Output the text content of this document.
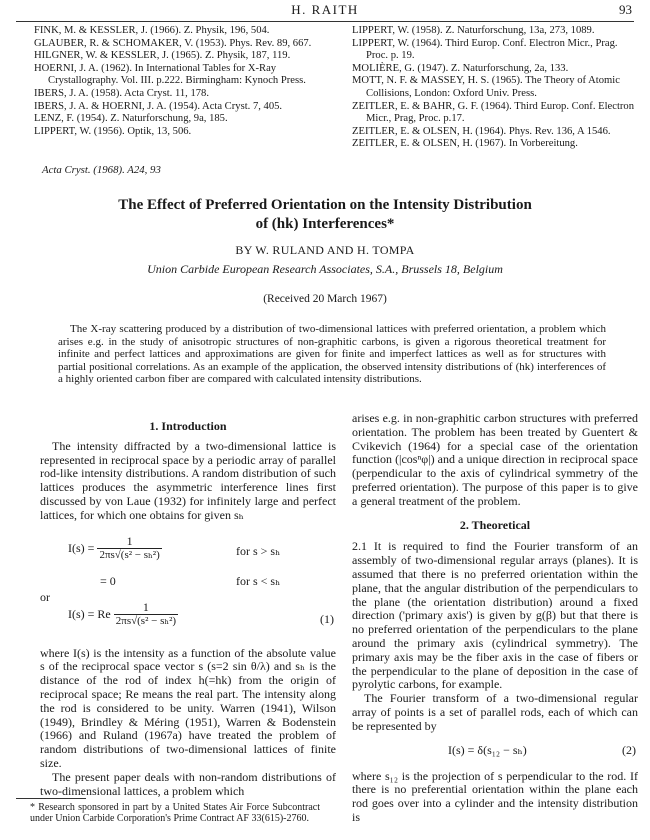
H. RAITH	93
FINK, M. & KESSLER, J. (1966). Z. Physik, 196, 504.
GLAUBER, R. & SCHOMAKER, V. (1953). Phys. Rev. 89, 667.
HILGNER, W. & KESSLER, J. (1965). Z. Physik, 187, 119.
HOERNI, J. A. (1962). In International Tables for X-Ray Crystallography. Vol. III. p.222. Birmingham: Kynoch Press.
IBERS, J. A. (1958). Acta Cryst. 11, 178.
IBERS, J. A. & HOERNI, J. A. (1954). Acta Cryst. 7, 405.
LENZ, F. (1954). Z. Naturforschung, 9a, 185.
LIPPERT, W. (1956). Optik, 13, 506.
LIPPERT, W. (1958). Z. Naturforschung, 13a, 273, 1089.
LIPPERT, W. (1964). Third Europ. Conf. Electron Micr., Prag. Proc. p. 19.
MOLIÈRE, G. (1947). Z. Naturforschung, 2a, 133.
MOTT, N. F. & MASSEY, H. S. (1965). The Theory of Atomic Collisions, London: Oxford Univ. Press.
ZEITLER, E. & BAHR, G. F. (1964). Third Europ. Conf. Electron Micr., Prag, Proc. p.17.
ZEITLER, E. & OLSEN, H. (1964). Phys. Rev. 136, A 1546.
ZEITLER, E. & OLSEN, H. (1967). In Vorbereitung.
Acta Cryst. (1968). A24, 93
The Effect of Preferred Orientation on the Intensity Distribution
of (hk) Interferences*
BY W. RULAND AND H. TOMPA
Union Carbide European Research Associates, S.A., Brussels 18, Belgium
(Received 20 March 1967)
The X-ray scattering produced by a distribution of two-dimensional lattices with preferred orientation, a problem which arises e.g. in the study of anisotropic structures of non-graphitic carbons, is given a rigorous theoretical treatment for infinite and perfect lattices and approximations are given for finite and imperfect lattices as well as for structures with partial positional correlations. As an example of the application, the observed intensity distributions of (hk) interferences of a highly oriented carbon fiber are compared with calculated intensity distributions.
1. Introduction

The intensity diffracted by a two-dimensional lattice is represented in reciprocal space by a periodic array of parallel rod-like intensity distributions. A random distribution of such lattices produces the asymmetric interference lines first discussed by von Laue (1932) for infinitely large and perfect lattices, for which one obtains for given sₕ

$I(s) = \frac{1}{\text{2πs√(s² − sₕ²)}}$	for s > sₕ
= 0	for s < sₕ
or
I(s) = Re $\frac{1}{\text{2πs√(s² − sₕ²)}}$	(1)

where I(s) is the intensity as a function of the absolute value s of the reciprocal space vector s (s=2 sin θ/λ) and sₕ is the distance of the rod of index h(=hk) from the origin of reciprocal space; Re means the real part. The intensity along the rod is considered to be unity. Warren (1941), Wilson (1949), Brindley & Méring (1951), Warren & Bodenstein (1966) and Ruland (1967a) have treated the problem of random distributions of two-dimensional lattices of finite size.

The present paper deals with non-random distributions of two-dimensional lattices, a problem which

arises e.g. in non-graphitic carbon structures with preferred orientation. The problem has been treated by Guentert & Cvikevich (1964) for a special case of the orientation function (|cosⁿφ|) and a unique direction in reciprocal space (perpendicular to the axis of cylindrical symmetry of the preferred orientation). The purpose of this paper is to give a general treatment of the problem.

2. Theoretical

2.1 It is required to find the Fourier transform of an assembly of two-dimensional regular arrays (planes). It is assumed that there is no preferred orientation within the plane, that the angular distribution of the perpendiculars to the plane (the orientation distribution) around a fixed direction ('primary axis') is given by g(β) but that there is no preferred orientation of the perpendiculars to the plane around the primary axis (cylindrical symmetry). The primary axis may be the fiber axis in the case of fibers or the perpendicular to the plane of deposition in the case of pyrolytic carbons, for example.

The Fourier transform of a two-dimensional regular array of points is a set of parallel rods, each of which can be represented by

I(s) = δ(s₁₂ − sₕ)	(2)

where s₁₂ is the projection of s perpendicular to the rod. If there is no preferential orientation within the plane each rod goes over into a cylinder and the intensity distribution is

* Research sponsored in part by a United States Air Force Subcontract under Union Carbide Corporation's Prime Contract AF 33(615)-2760.
